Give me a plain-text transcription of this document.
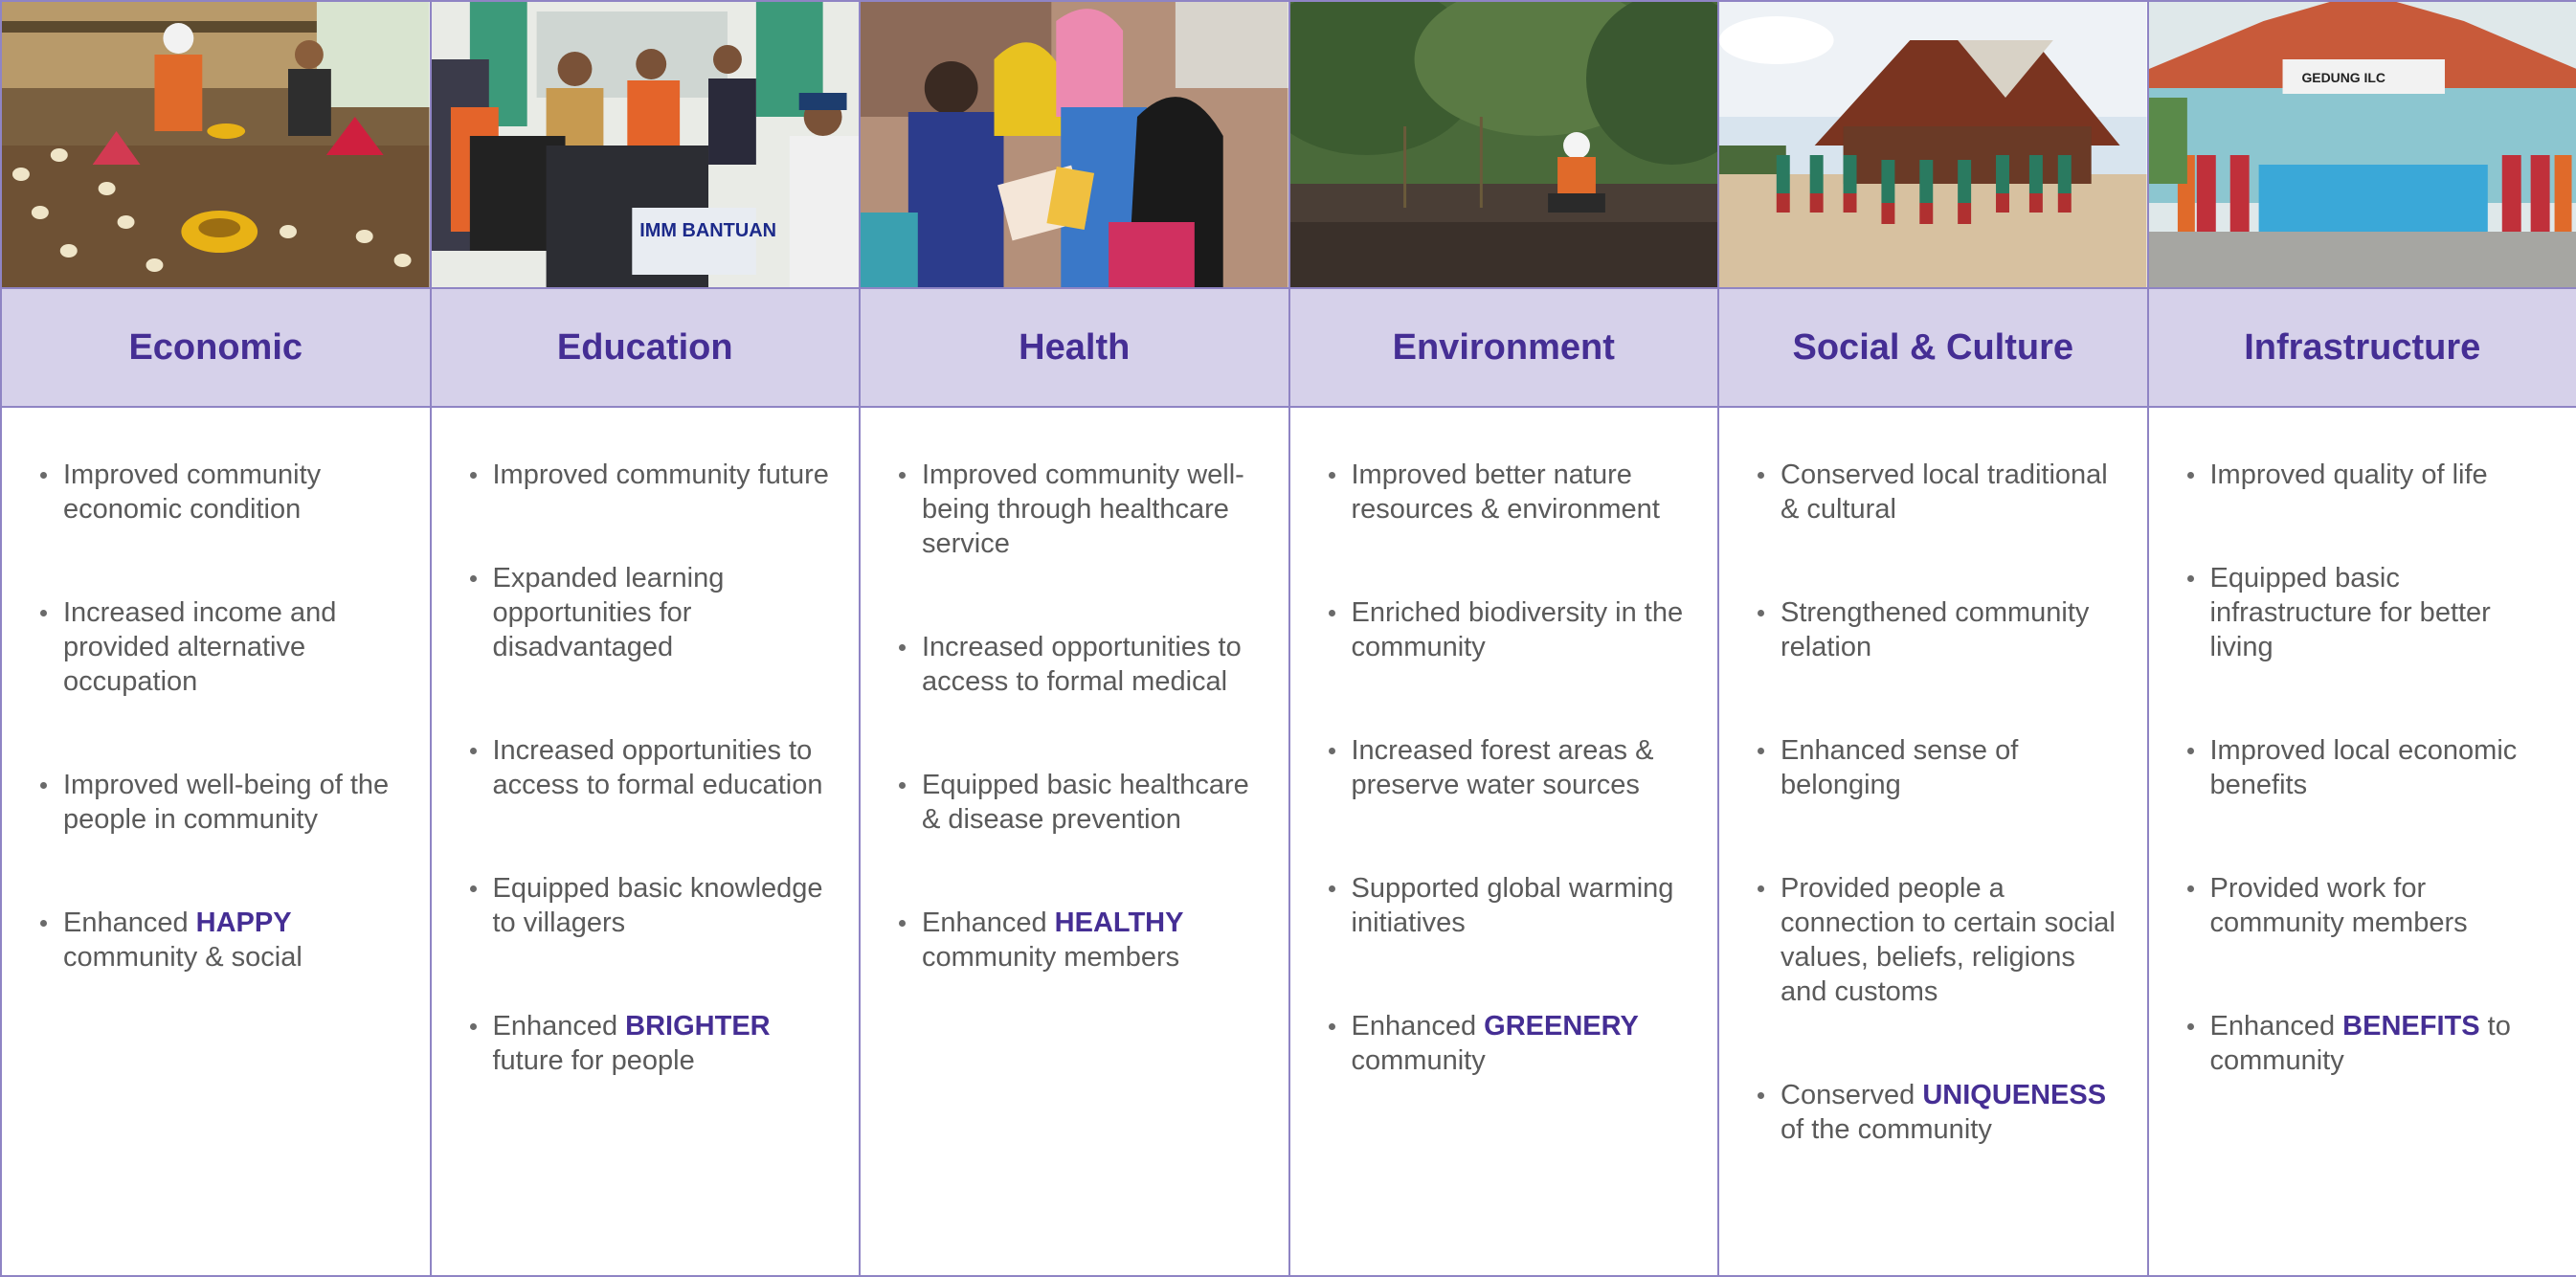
Economic
Improved community economic condition
Increased income and provided alternative occupation
Improved well-being of the people in community
Enhanced HAPPY community & social
IMM BANTUAN
Education
Improved community future
Expanded learning opportunities for disadvantaged
Increased opportunities to access to formal education
Equipped basic knowledge to villagers
Enhanced BRIGHTER future for people
Health
Improved community well-being through healthcare service
Increased opportunities to access to formal medical
Equipped basic healthcare & disease prevention
Enhanced HEALTHY community members
Environment
Improved better nature resources & environment
Enriched biodiversity in the community
Increased forest areas & preserve water sources
Supported global warming initiatives
Enhanced GREENERY community
Social & Culture
Conserved local traditional & cultural
Strengthened community relation
Enhanced sense of belonging
Provided people a connection to certain social values, beliefs, religions and customs
Conserved UNIQUENESS of the community
GEDUNG ILC
Infrastructure
Improved quality of life
Equipped basic infrastructure for better living
Improved local economic benefits
Provided work for community members
Enhanced BENEFITS to community
